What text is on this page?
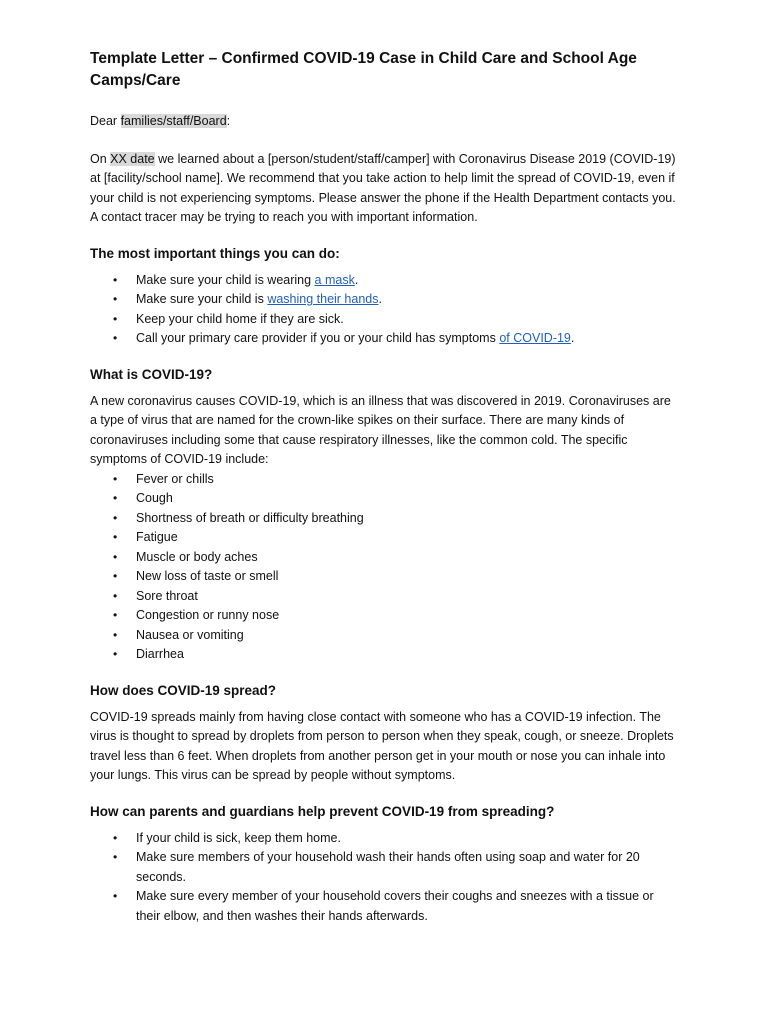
Template Letter – Confirmed COVID-19 Case in Child Care and School Age Camps/Care

Dear families/staff/Board:

On XX date we learned about a [person/student/staff/camper] with Coronavirus Disease 2019 (COVID-19) at [facility/school name]. We recommend that you take action to help limit the spread of COVID-19, even if your child is not experiencing symptoms. Please answer the phone if the Health Department contacts you. A contact tracer may be trying to reach you with important information.

The most important things you can do:
• Make sure your child is wearing a mask.
• Make sure your child is washing their hands.
• Keep your child home if they are sick.
• Call your primary care provider if you or your child has symptoms of COVID-19.
What is COVID-19?

A new coronavirus causes COVID-19, which is an illness that was discovered in 2019. Coronaviruses are a type of virus that are named for the crown-like spikes on their surface. There are many kinds of coronaviruses including some that cause respiratory illnesses, like the common cold. The specific symptoms of COVID-19 include:

• Fever or chills
• Cough
• Shortness of breath or difficulty breathing
• Fatigue
• Muscle or body aches
• New loss of taste or smell
• Sore throat
• Congestion or runny nose
• Nausea or vomiting
• Diarrhea
How does COVID-19 spread?

COVID-19 spreads mainly from having close contact with someone who has a COVID-19 infection. The virus is thought to spread by droplets from person to person when they speak, cough, or sneeze. Droplets travel less than 6 feet. When droplets from another person get in your mouth or nose you can inhale into your lungs. This virus can be spread by people without symptoms.

How can parents and guardians help prevent COVID-19 from spreading?
• If your child is sick, keep them home.
• Make sure members of your household wash their hands often using soap and water for 20 seconds.
• Make sure every member of your household covers their coughs and sneezes with a tissue or their elbow, and then washes their hands afterwards.
